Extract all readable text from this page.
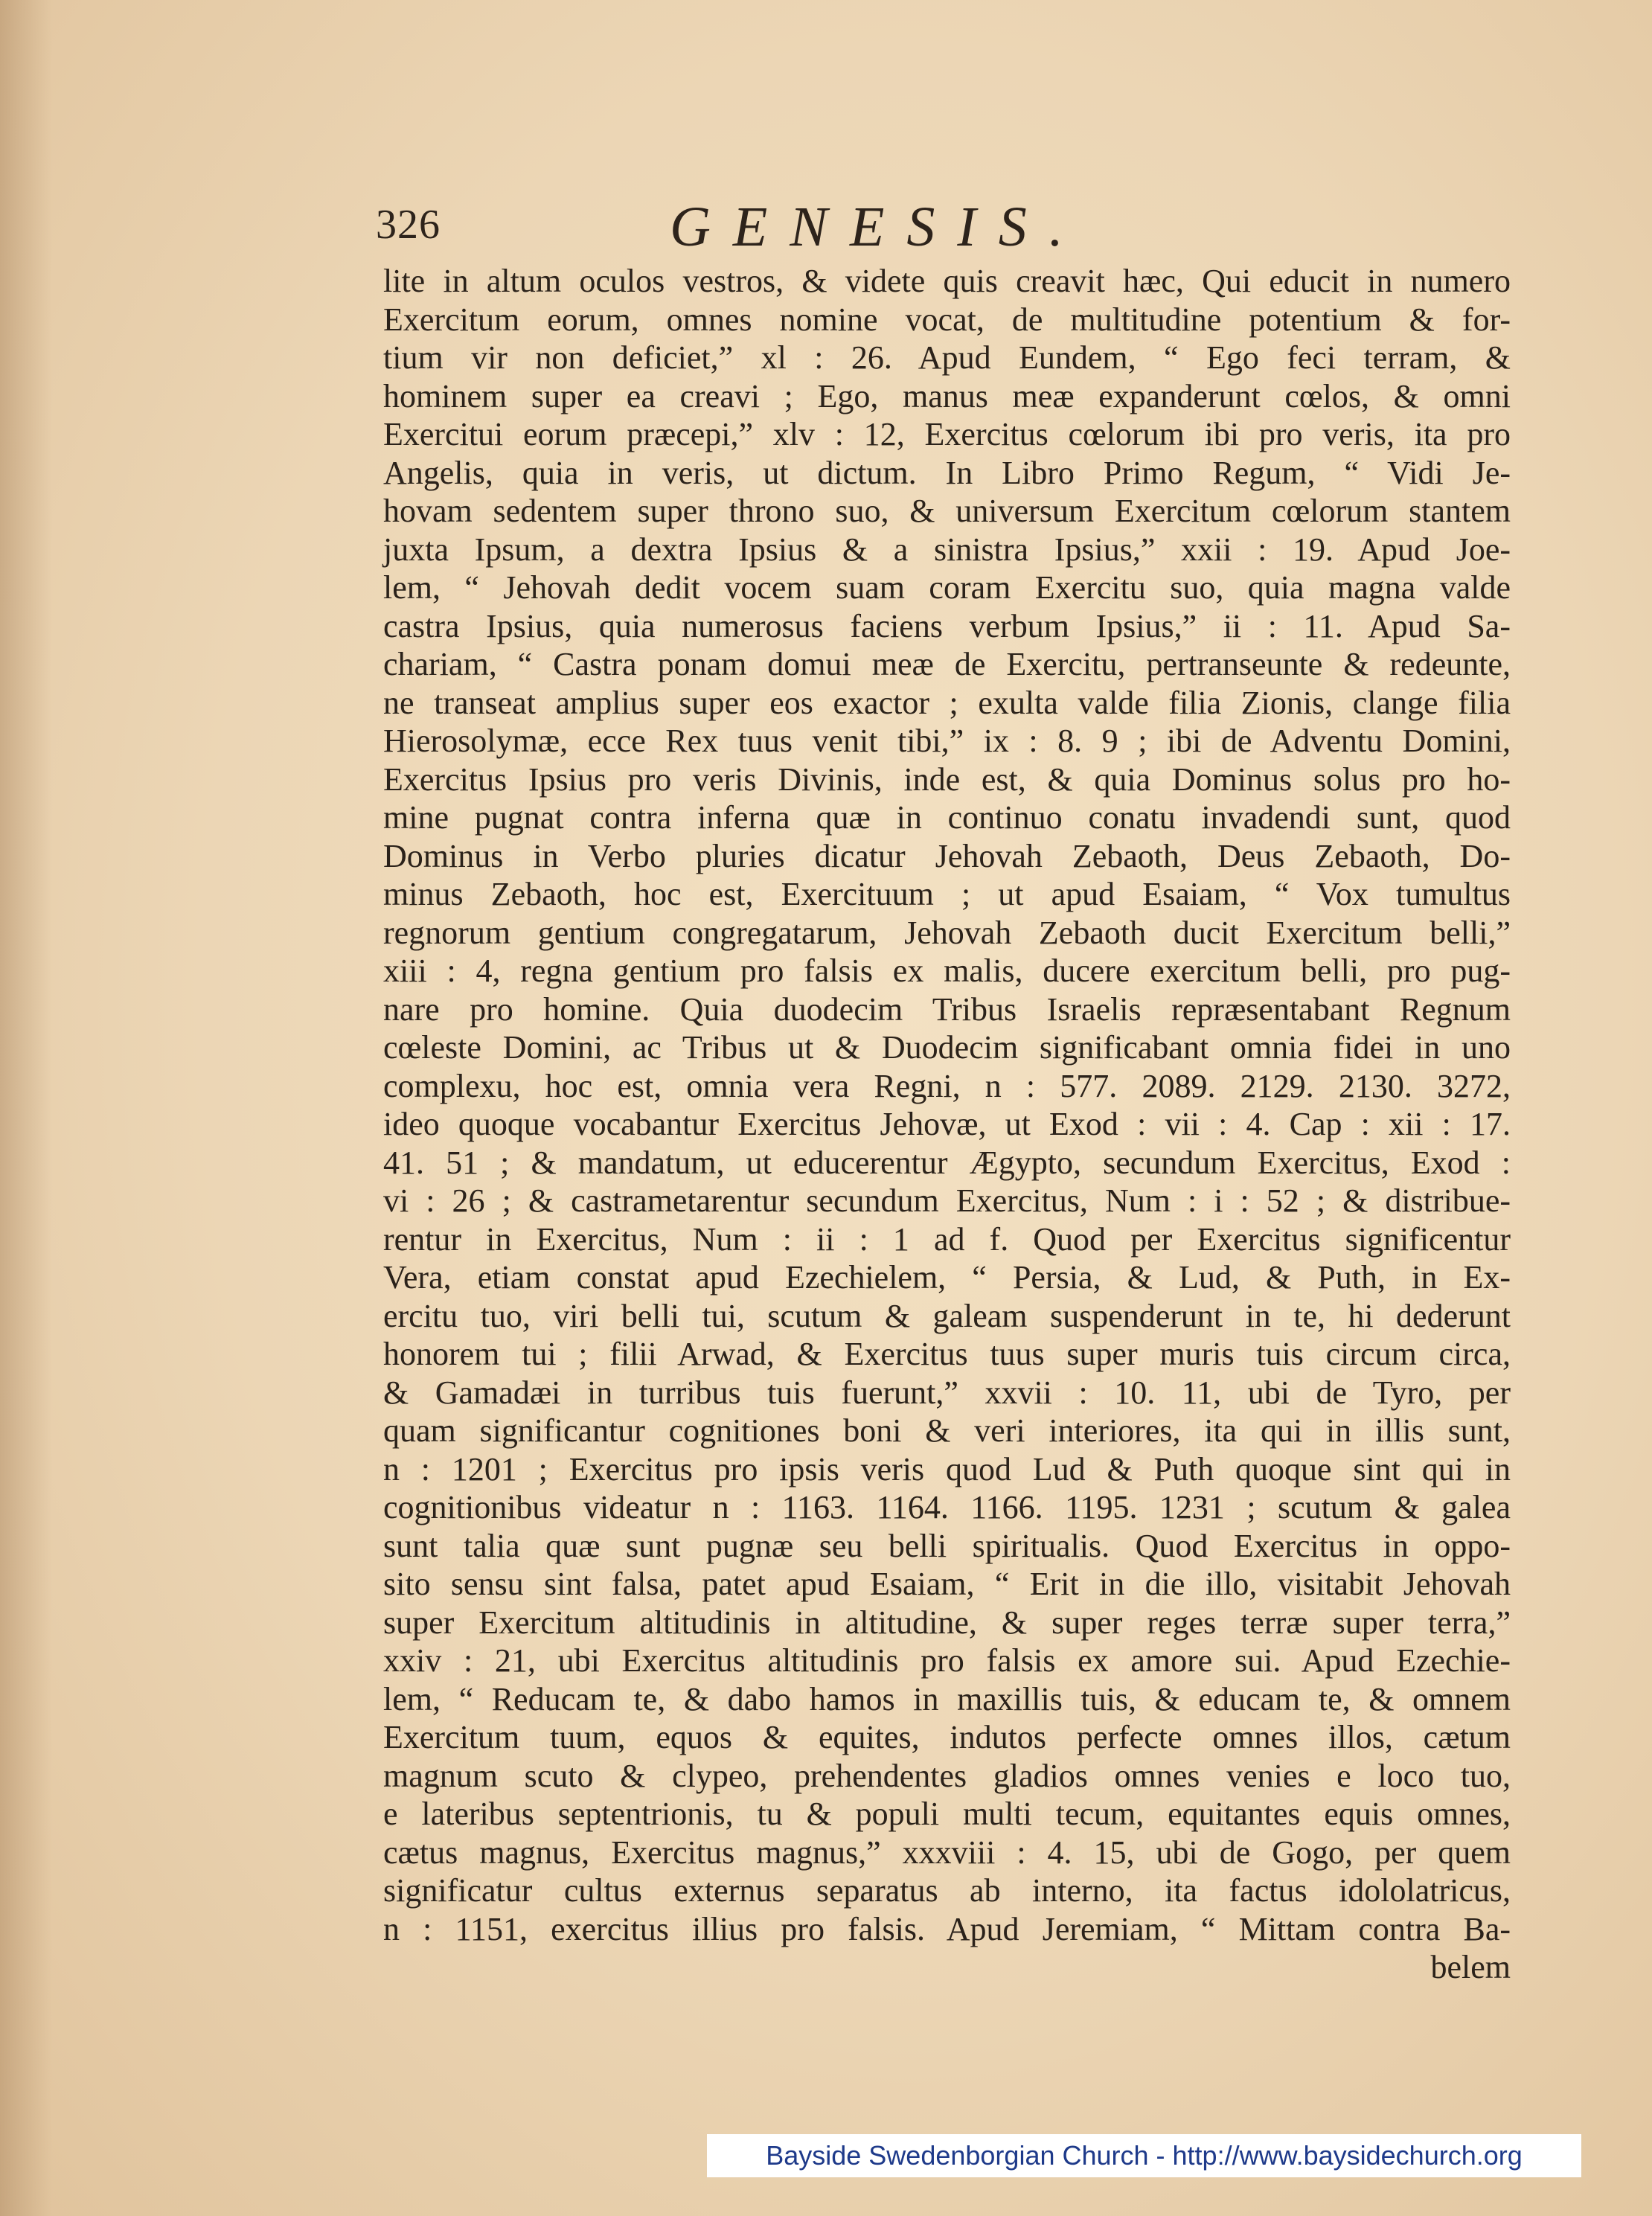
326	GENESIS.
lite in altum oculos vestros, & videte quis creavit hæc, Qui educit in numero
Exercitum eorum, omnes nomine vocat, de multitudine potentium & for-
tium vir non deficiet,” xl : 26. Apud Eundem, “ Ego feci terram, &
hominem super ea creavi ; Ego, manus meæ expanderunt cœlos, & omni
Exercitui eorum præcepi,” xlv : 12, Exercitus cœlorum ibi pro veris, ita pro
Angelis, quia in veris, ut dictum. In Libro Primo Regum, “ Vidi Je-
hovam sedentem super throno suo, & universum Exercitum cœlorum stantem
juxta Ipsum, a dextra Ipsius & a sinistra Ipsius,” xxii : 19. Apud Joe-
lem, “ Jehovah dedit vocem suam coram Exercitu suo, quia magna valde
castra Ipsius, quia numerosus faciens verbum Ipsius,” ii : 11. Apud Sa-
chariam, “ Castra ponam domui meæ de Exercitu, pertranseunte & redeunte,
ne transeat amplius super eos exactor ; exulta valde filia Zionis, clange filia
Hierosolymæ, ecce Rex tuus venit tibi,” ix : 8. 9 ; ibi de Adventu Domini,
Exercitus Ipsius pro veris Divinis, inde est, & quia Dominus solus pro ho-
mine pugnat contra inferna quæ in continuo conatu invadendi sunt, quod
Dominus in Verbo pluries dicatur Jehovah Zebaoth, Deus Zebaoth, Do-
minus Zebaoth, hoc est, Exercituum ; ut apud Esaiam, “ Vox tumultus
regnorum gentium congregatarum, Jehovah Zebaoth ducit Exercitum belli,”
xiii : 4, regna gentium pro falsis ex malis, ducere exercitum belli, pro pug-
nare pro homine. Quia duodecim Tribus Israelis repræsentabant Regnum
cœleste Domini, ac Tribus ut & Duodecim significabant omnia fidei in uno
complexu, hoc est, omnia vera Regni, n : 577. 2089. 2129. 2130. 3272,
ideo quoque vocabantur Exercitus Jehovæ, ut Exod : vii : 4. Cap : xii : 17.
41. 51 ; & mandatum, ut educerentur Ægypto, secundum Exercitus, Exod :
vi : 26 ; & castrametarentur secundum Exercitus, Num : i : 52 ; & distribue-
rentur in Exercitus, Num : ii : 1 ad f. Quod per Exercitus significentur
Vera, etiam constat apud Ezechielem, “ Persia, & Lud, & Puth, in Ex-
ercitu tuo, viri belli tui, scutum & galeam suspenderunt in te, hi dederunt
honorem tui ; filii Arwad, & Exercitus tuus super muris tuis circum circa,
& Gamadæi in turribus tuis fuerunt,” xxvii : 10. 11, ubi de Tyro, per
quam significantur cognitiones boni & veri interiores, ita qui in illis sunt,
n : 1201 ; Exercitus pro ipsis veris quod Lud & Puth quoque sint qui in
cognitionibus videatur n : 1163. 1164. 1166. 1195. 1231 ; scutum & galea
sunt talia quæ sunt pugnæ seu belli spiritualis. Quod Exercitus in oppo-
sito sensu sint falsa, patet apud Esaiam, “ Erit in die illo, visitabit Jehovah
super Exercitum altitudinis in altitudine, & super reges terræ super terra,”
xxiv : 21, ubi Exercitus altitudinis pro falsis ex amore sui. Apud Ezechie-
lem, “ Reducam te, & dabo hamos in maxillis tuis, & educam te, & omnem
Exercitum tuum, equos & equites, indutos perfecte omnes illos, cætum
magnum scuto & clypeo, prehendentes gladios omnes venies e loco tuo,
e lateribus septentrionis, tu & populi multi tecum, equitantes equis omnes,
cætus magnus, Exercitus magnus,” xxxviii : 4. 15, ubi de Gogo, per quem
significatur cultus externus separatus ab interno, ita factus idololatricus,
n : 1151, exercitus illius pro falsis. Apud Jeremiam, “ Mittam contra Ba-
belem
Bayside Swedenborgian Church - http://www.baysidechurch.org
